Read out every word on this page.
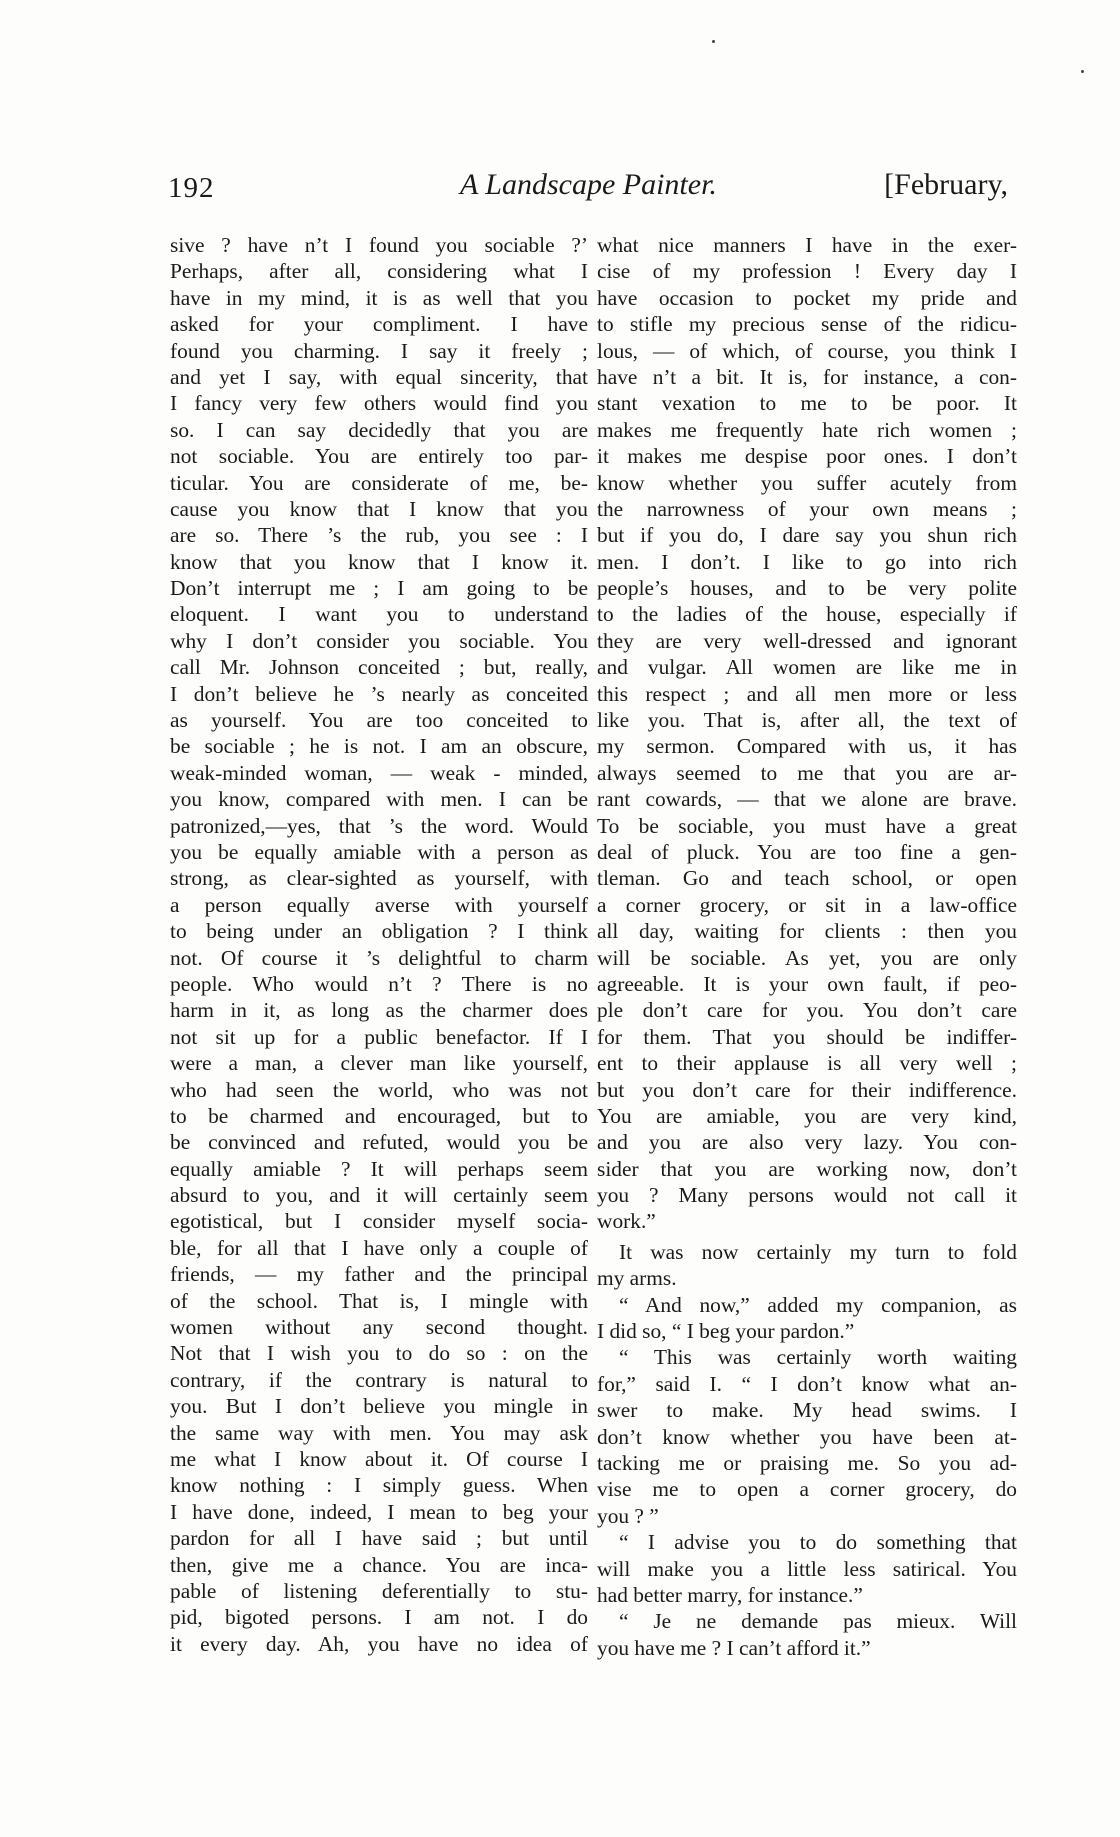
192	A Landscape Painter.	[February,
sive ? have n’t I found you sociable ?’
Perhaps, after all, considering what I
have in my mind, it is as well that you
asked for your compliment. I have
found you charming. I say it freely ;
and yet I say, with equal sincerity, that
I fancy very few others would find you
so. I can say decidedly that you are
not sociable. You are entirely too par-
ticular. You are considerate of me, be-
cause you know that I know that you
are so. There ’s the rub, you see : I
know that you know that I know it.
Don’t interrupt me ; I am going to be
eloquent. I want you to understand
why I don’t consider you sociable. You
call Mr. Johnson conceited ; but, really,
I don’t believe he ’s nearly as conceited
as yourself. You are too conceited to
be sociable ; he is not. I am an obscure,
weak-minded woman, — weak - minded,
you know, compared with men. I can be
patronized,—yes, that ’s the word. Would
you be equally amiable with a person as
strong, as clear-sighted as yourself, with
a person equally averse with yourself
to being under an obligation ? I think
not. Of course it ’s delightful to charm
people. Who would n’t ? There is no
harm in it, as long as the charmer does
not sit up for a public benefactor. If I
were a man, a clever man like yourself,
who had seen the world, who was not
to be charmed and encouraged, but to
be convinced and refuted, would you be
equally amiable ? It will perhaps seem
absurd to you, and it will certainly seem
egotistical, but I consider myself socia-
ble, for all that I have only a couple of
friends, — my father and the principal
of the school. That is, I mingle with
women without any second thought.
Not that I wish you to do so : on the
contrary, if the contrary is natural to
you. But I don’t believe you mingle in
the same way with men. You may ask
me what I know about it. Of course I
know nothing : I simply guess. When
I have done, indeed, I mean to beg your
pardon for all I have said ; but until
then, give me a chance. You are inca-
pable of listening deferentially to stu-
pid, bigoted persons. I am not. I do
it every day. Ah, you have no idea of
what nice manners I have in the exer-
cise of my profession ! Every day I
have occasion to pocket my pride and
to stifle my precious sense of the ridicu-
lous, — of which, of course, you think I
have n’t a bit. It is, for instance, a con-
stant vexation to me to be poor. It
makes me frequently hate rich women ;
it makes me despise poor ones. I don’t
know whether you suffer acutely from
the narrowness of your own means ;
but if you do, I dare say you shun rich
men. I don’t. I like to go into rich
people’s houses, and to be very polite
to the ladies of the house, especially if
they are very well-dressed and ignorant
and vulgar. All women are like me in
this respect ; and all men more or less
like you. That is, after all, the text of
my sermon. Compared with us, it has
always seemed to me that you are ar-
rant cowards, — that we alone are brave.
To be sociable, you must have a great
deal of pluck. You are too fine a gen-
tleman. Go and teach school, or open
a corner grocery, or sit in a law-office
all day, waiting for clients : then you
will be sociable. As yet, you are only
agreeable. It is your own fault, if peo-
ple don’t care for you. You don’t care
for them. That you should be indiffer-
ent to their applause is all very well ;
but you don’t care for their indifference.
You are amiable, you are very kind,
and you are also very lazy. You con-
sider that you are working now, don’t
you ? Many persons would not call it
work.”
It was now certainly my turn to fold
my arms.
“ And now,” added my companion, as
I did so, “ I beg your pardon.”
“ This was certainly worth waiting
for,” said I. “ I don’t know what an-
swer to make. My head swims. I
don’t know whether you have been at-
tacking me or praising me. So you ad-
vise me to open a corner grocery, do
you ? ”
“ I advise you to do something that
will make you a little less satirical. You
had better marry, for instance.”
“ Je ne demande pas mieux. Will
you have me ? I can’t afford it.”
